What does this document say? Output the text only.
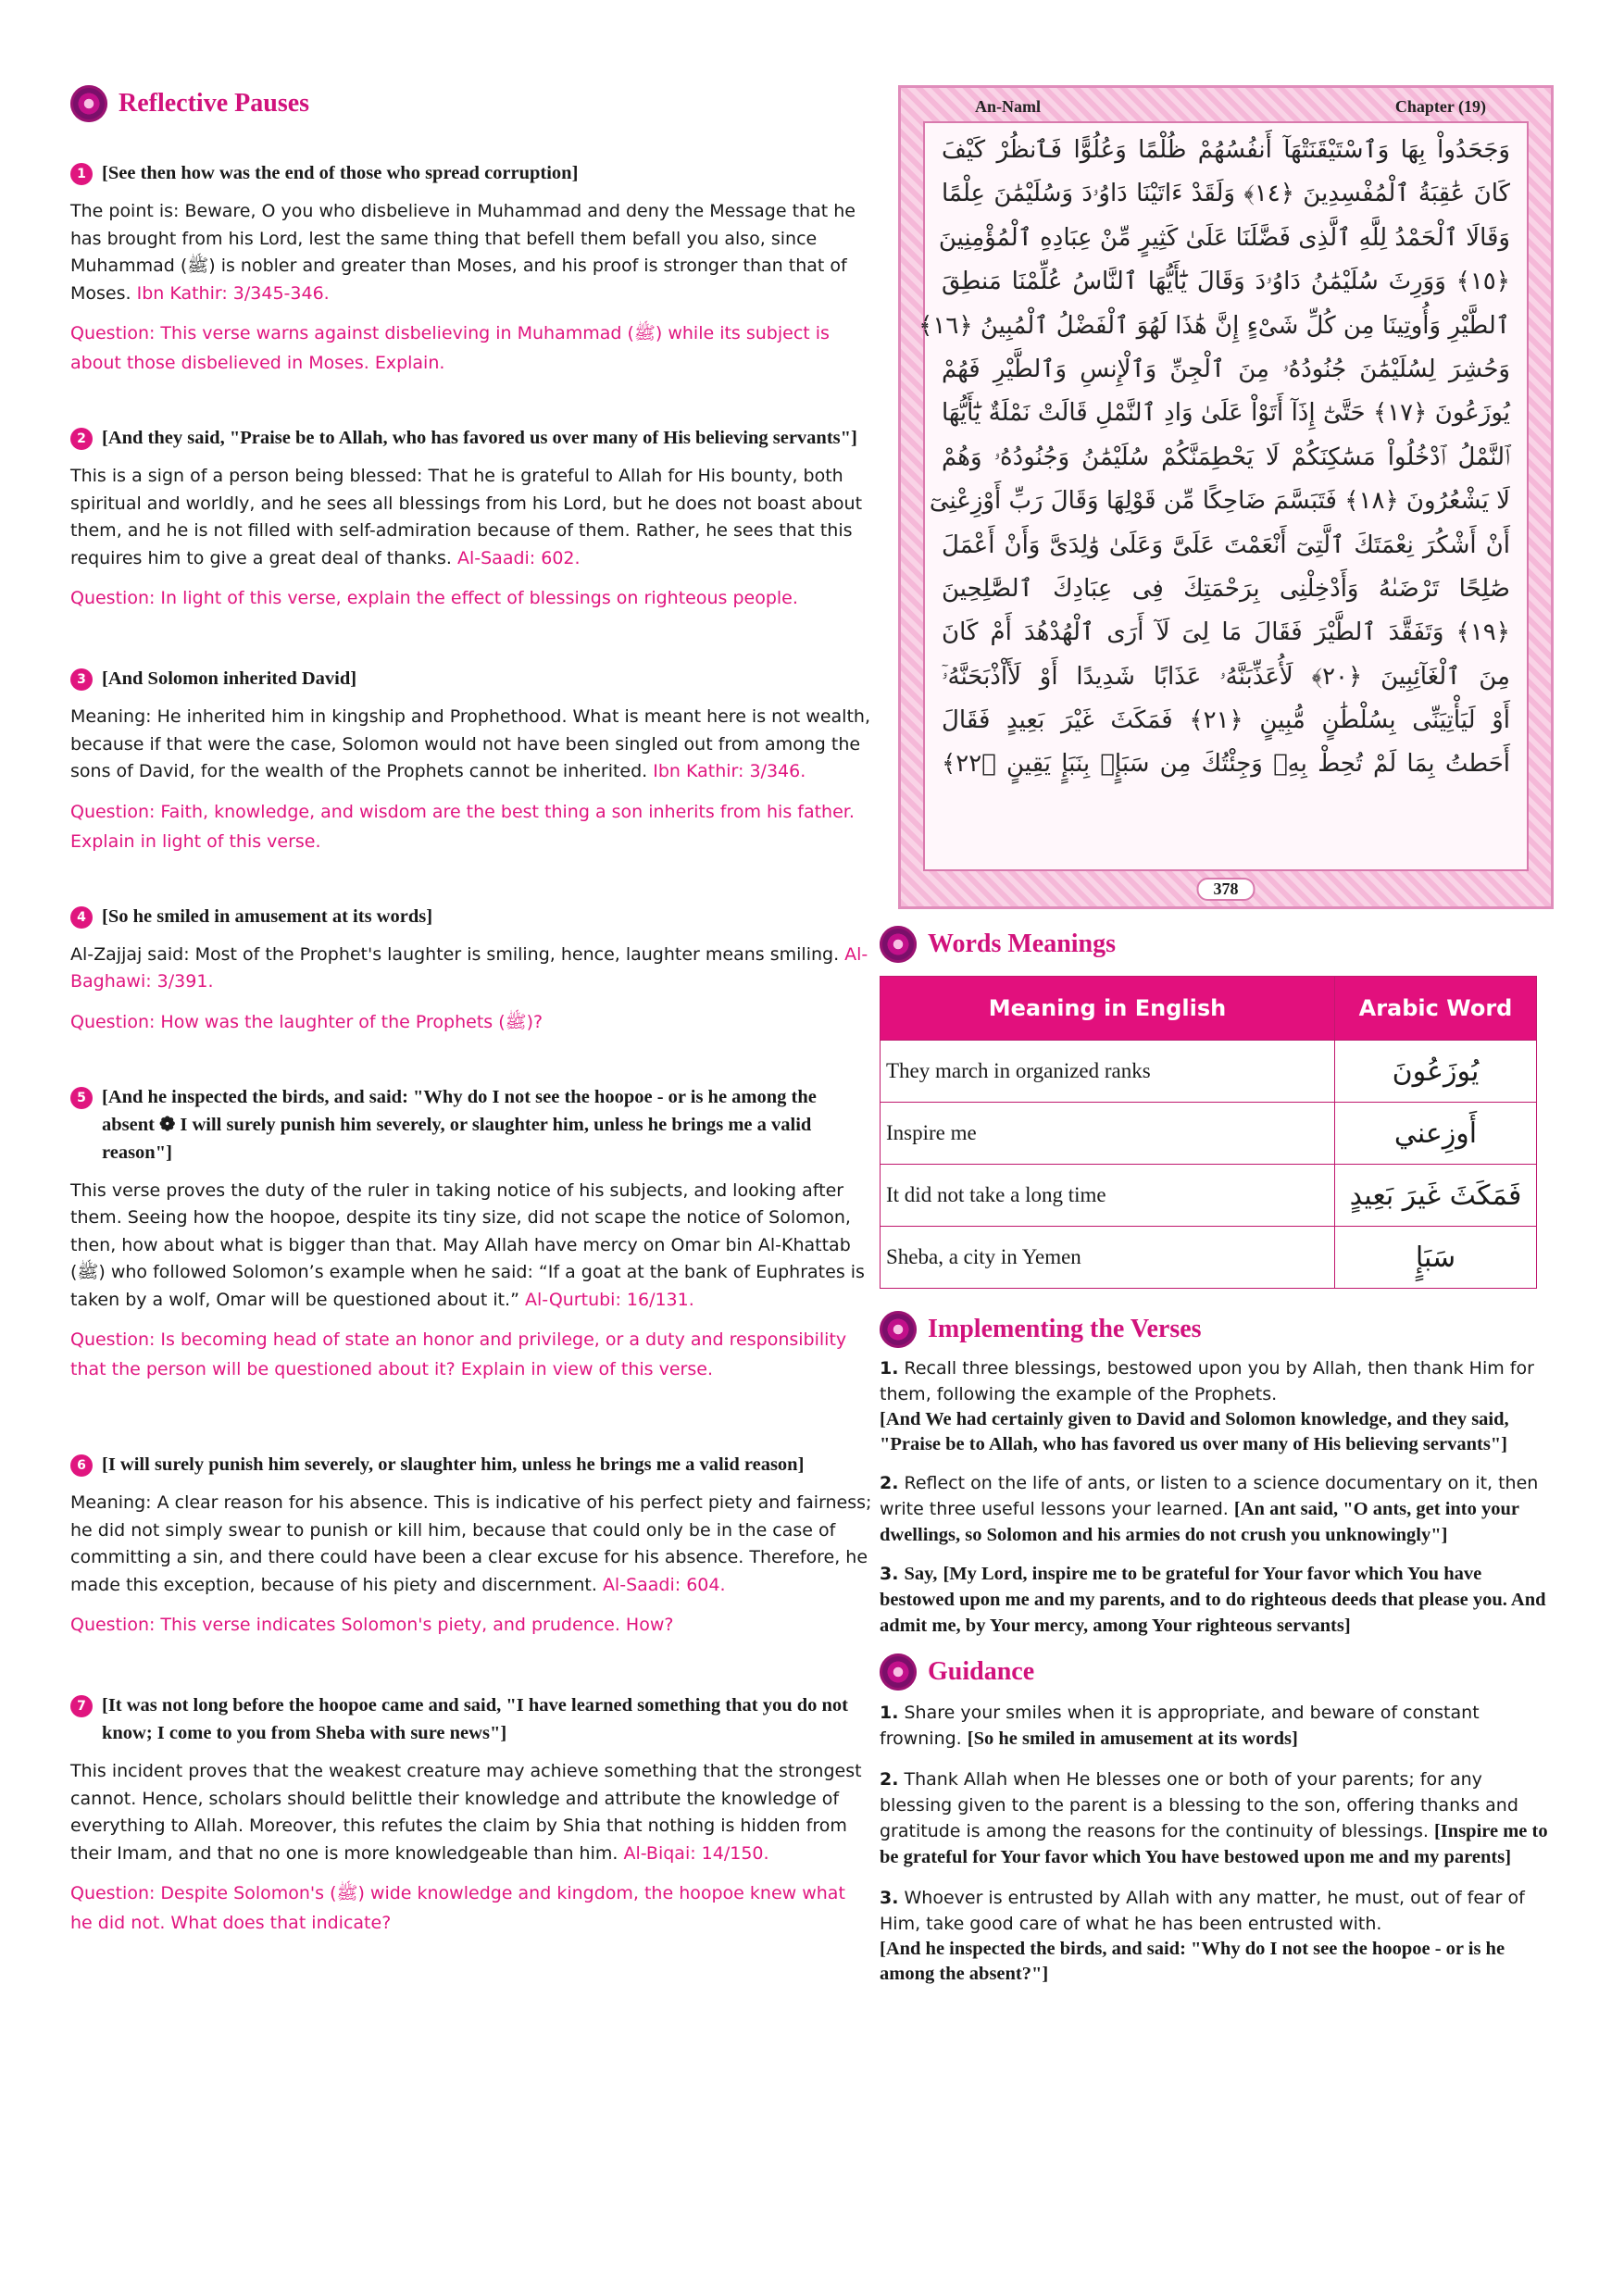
Reflective Pauses
1 [See then how was the end of those who spread corruption]

The point is: Beware, O you who disbelieve in Muhammad and deny the Message that he has brought from his Lord, lest the same thing that befell them befall you also, since Muhammad (ﷺ) is nobler and greater than Moses, and his proof is stronger than that of Moses. Ibn Kathir: 3/345-346.

Question: This verse warns against disbelieving in Muhammad (ﷺ) while its subject is about those disbelieved in Moses. Explain.
2 [And they said, "Praise be to Allah, who has favored us over many of His believing servants"]

This is a sign of a person being blessed: That he is grateful to Allah for His bounty, both spiritual and worldly, and he sees all blessings from his Lord, but he does not boast about them, and he is not filled with self-admiration because of them. Rather, he sees that this requires him to give a great deal of thanks. Al-Saadi: 602.

Question: In light of this verse, explain the effect of blessings on righteous people.
3 [And Solomon inherited David]

Meaning: He inherited him in kingship and Prophethood. What is meant here is not wealth, because if that were the case, Solomon would not have been singled out from among the sons of David, for the wealth of the Prophets cannot be inherited. Ibn Kathir: 3/346.

Question: Faith, knowledge, and wisdom are the best thing a son inherits from his father. Explain in light of this verse.
4 [So he smiled in amusement at its words]

Al-Zajjaj said: Most of the Prophet's laughter is smiling, hence, laughter means smiling. Al-Baghawi: 3/391.

Question: How was the laughter of the Prophets (ﷺ)?
5 [And he inspected the birds, and said: "Why do I not see the hoopoe - or is he among the absent ❁ I will surely punish him severely, or slaughter him, unless he brings me a valid reason"]

This verse proves the duty of the ruler in taking notice of his subjects, and looking after them. Seeing how the hoopoe, despite its tiny size, did not scape the notice of Solomon, then, how about what is bigger than that. May Allah have mercy on Omar bin Al-Khattab (ﷺ) who followed Solomon’s example when he said: “If a goat at the bank of Euphrates is taken by a wolf, Omar will be questioned about it.” Al-Qurtubi: 16/131.

Question: Is becoming head of state an honor and privilege, or a duty and responsibility that the person will be questioned about it? Explain in view of this verse.
6 [I will surely punish him severely, or slaughter him, unless he brings me a valid reason]

Meaning: A clear reason for his absence. This is indicative of his perfect piety and fairness; he did not simply swear to punish or kill him, because that could only be in the case of committing a sin, and there could have been a clear excuse for his absence. Therefore, he made this exception, because of his piety and discernment. Al-Saadi: 604.

Question: This verse indicates Solomon's piety, and prudence. How?
7 [It was not long before the hoopoe came and said, "I have learned something that you do not know; I come to you from Sheba with sure news"]

This incident proves that the weakest creature may achieve something that the strongest cannot. Hence, scholars should belittle their knowledge and attribute the knowledge of everything to Allah. Moreover, this refutes the claim by Shia that nothing is hidden from their Imam, and that no one is more knowledgeable than him. Al-Biqai: 14/150.

Question: Despite Solomon's (ﷺ) wide knowledge and kingdom, the hoopoe knew what he did not. What does that indicate?
An-Naml	Chapter (19)
وَجَحَدُواْ بِهَا وَٱسْتَيْقَنَتْهَآ أَنفُسُهُمْ ظُلْمًا وَعُلُوًّا فَٱنظُرْ كَيْفَ
كَانَ عَٰقِبَةُ ٱلْمُفْسِدِينَ ﴿١٤﴾ وَلَقَدْ ءَاتَيْنَا دَاوُۥدَ وَسُلَيْمَٰنَ عِلْمًا
وَقَالَا ٱلْحَمْدُ لِلَّهِ ٱلَّذِى فَضَّلَنَا عَلَىٰ كَثِيرٍ مِّنْ عِبَادِهِ ٱلْمُؤْمِنِينَ
﴿١٥﴾ وَوَرِثَ سُلَيْمَٰنُ دَاوُۥدَ وَقَالَ يَٰٓأَيُّهَا ٱلنَّاسُ عُلِّمْنَا مَنطِقَ
ٱلطَّيْرِ وَأُوتِينَا مِن كُلِّ شَىْءٍ إِنَّ هَٰذَا لَهُوَ ٱلْفَضْلُ ٱلْمُبِينُ ﴿١٦﴾
وَحُشِرَ لِسُلَيْمَٰنَ جُنُودُهُۥ مِنَ ٱلْجِنِّ وَٱلْإِنسِ وَٱلطَّيْرِ فَهُمْ
يُوزَعُونَ ﴿١٧﴾ حَتَّىٰٓ إِذَآ أَتَوْاْ عَلَىٰ وَادِ ٱلنَّمْلِ قَالَتْ نَمْلَةٌ يَٰٓأَيُّهَا
ٱلنَّمْلُ ٱدْخُلُواْ مَسَٰكِنَكُمْ لَا يَحْطِمَنَّكُمْ سُلَيْمَٰنُ وَجُنُودُهُۥ وَهُمْ
لَا يَشْعُرُونَ ﴿١٨﴾ فَتَبَسَّمَ ضَاحِكًا مِّن قَوْلِهَا وَقَالَ رَبِّ أَوْزِعْنِىٓ
أَنْ أَشْكُرَ نِعْمَتَكَ ٱلَّتِىٓ أَنْعَمْتَ عَلَىَّ وَعَلَىٰ وَٰلِدَىَّ وَأَنْ أَعْمَلَ
صَٰلِحًا تَرْضَىٰهُ وَأَدْخِلْنِى بِرَحْمَتِكَ فِى عِبَادِكَ ٱلصَّٰلِحِينَ
﴿١٩﴾ وَتَفَقَّدَ ٱلطَّيْرَ فَقَالَ مَا لِىَ لَآ أَرَى ٱلْهُدْهُدَ أَمْ كَانَ
مِنَ ٱلْغَآئِبِينَ ﴿٢٠﴾ لَأُعَذِّبَنَّهُۥ عَذَابًا شَدِيدًا أَوْ لَأَاْذْبَحَنَّهُۥٓ
أَوْ لَيَأْتِيَنِّى بِسُلْطَٰنٍ مُّبِينٍ ﴿٢١﴾ فَمَكَثَ غَيْرَ بَعِيدٍ فَقَالَ
أَحَطتُ بِمَا لَمْ تُحِطْ بِهِۦ وَجِئْتُكَ مِن سَبَإٍۭ بِنَبَإٍ يَقِينٍ ﴿٢٢﴾
378
Words Meanings
Meaning in English	Arabic Word
They march in organized ranks	يُوزَعُونَ
Inspire me	أَوزِعني
It did not take a long time	فَمَكَثَ غَيرَ بَعِيدٍ
Sheba, a city in Yemen	سَبَإٍ
Implementing the Verses
1. Recall three blessings, bestowed upon you by Allah, then thank Him for them, following the example of the Prophets.
[And We had certainly given to David and Solomon knowledge, and they said, "Praise be to Allah, who has favored us over many of His believing servants"]
2. Reflect on the life of ants, or listen to a science documentary on it, then write three useful lessons your learned. [An ant said, "O ants, get into your dwellings, so Solomon and his armies do not crush you unknowingly"]
3. Say, [My Lord, inspire me to be grateful for Your favor which You have bestowed upon me and my parents, and to do righteous deeds that please you. And admit me, by Your mercy, among Your righteous servants]
Guidance
1. Share your smiles when it is appropriate, and beware of constant frowning. [So he smiled in amusement at its words]
2. Thank Allah when He blesses one or both of your parents; for any blessing given to the parent is a blessing to the son, offering thanks and gratitude is among the reasons for the continuity of blessings. [Inspire me to be grateful for Your favor which You have bestowed upon me and my parents]
3. Whoever is entrusted by Allah with any matter, he must, out of fear of Him, take good care of what he has been entrusted with.
[And he inspected the birds, and said: "Why do I not see the hoopoe - or is he among the absent?"]
